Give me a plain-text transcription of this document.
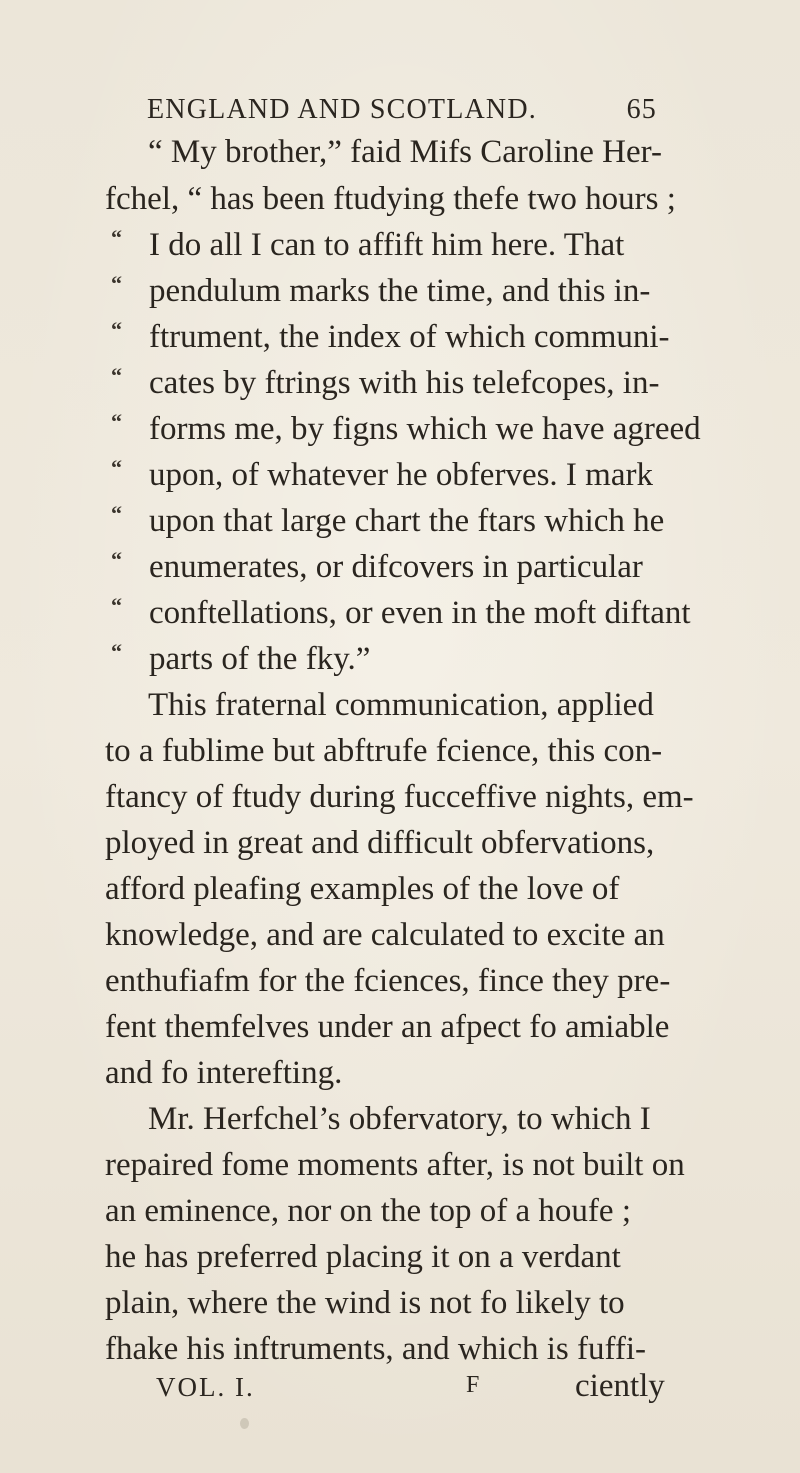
ENGLAND AND SCOTLAND.	65
“ My brother,” faid Mifs Caroline Her-
fchel, “ has been ftudying thefe two hours ;
“ I do all I can to affift him here. That
“ pendulum marks the time, and this in-
“ ftrument, the index of which communi-
“ cates by ftrings with his telefcopes, in-
“ forms me, by figns which we have agreed
“ upon, of whatever he obferves. I mark
“ upon that large chart the ftars which he
“ enumerates, or difcovers in particular
“ conftellations, or even in the moft diftant
“ parts of the fky.”
This fraternal communication, applied
to a fublime but abftrufe fcience, this con-
ftancy of ftudy during fucceffive nights, em-
ployed in great and difficult obfervations,
afford pleafing examples of the love of
knowledge, and are calculated to excite an
enthufiafm for the fciences, fince they pre-
fent themfelves under an afpect fo amiable
and fo interefting.
Mr. Herfchel’s obfervatory, to which I
repaired fome moments after, is not built on
an eminence, nor on the top of a houfe ;
he has preferred placing it on a verdant
plain, where the wind is not fo likely to
fhake his inftruments, and which is fuffi-
VOL. I.	F	ciently
